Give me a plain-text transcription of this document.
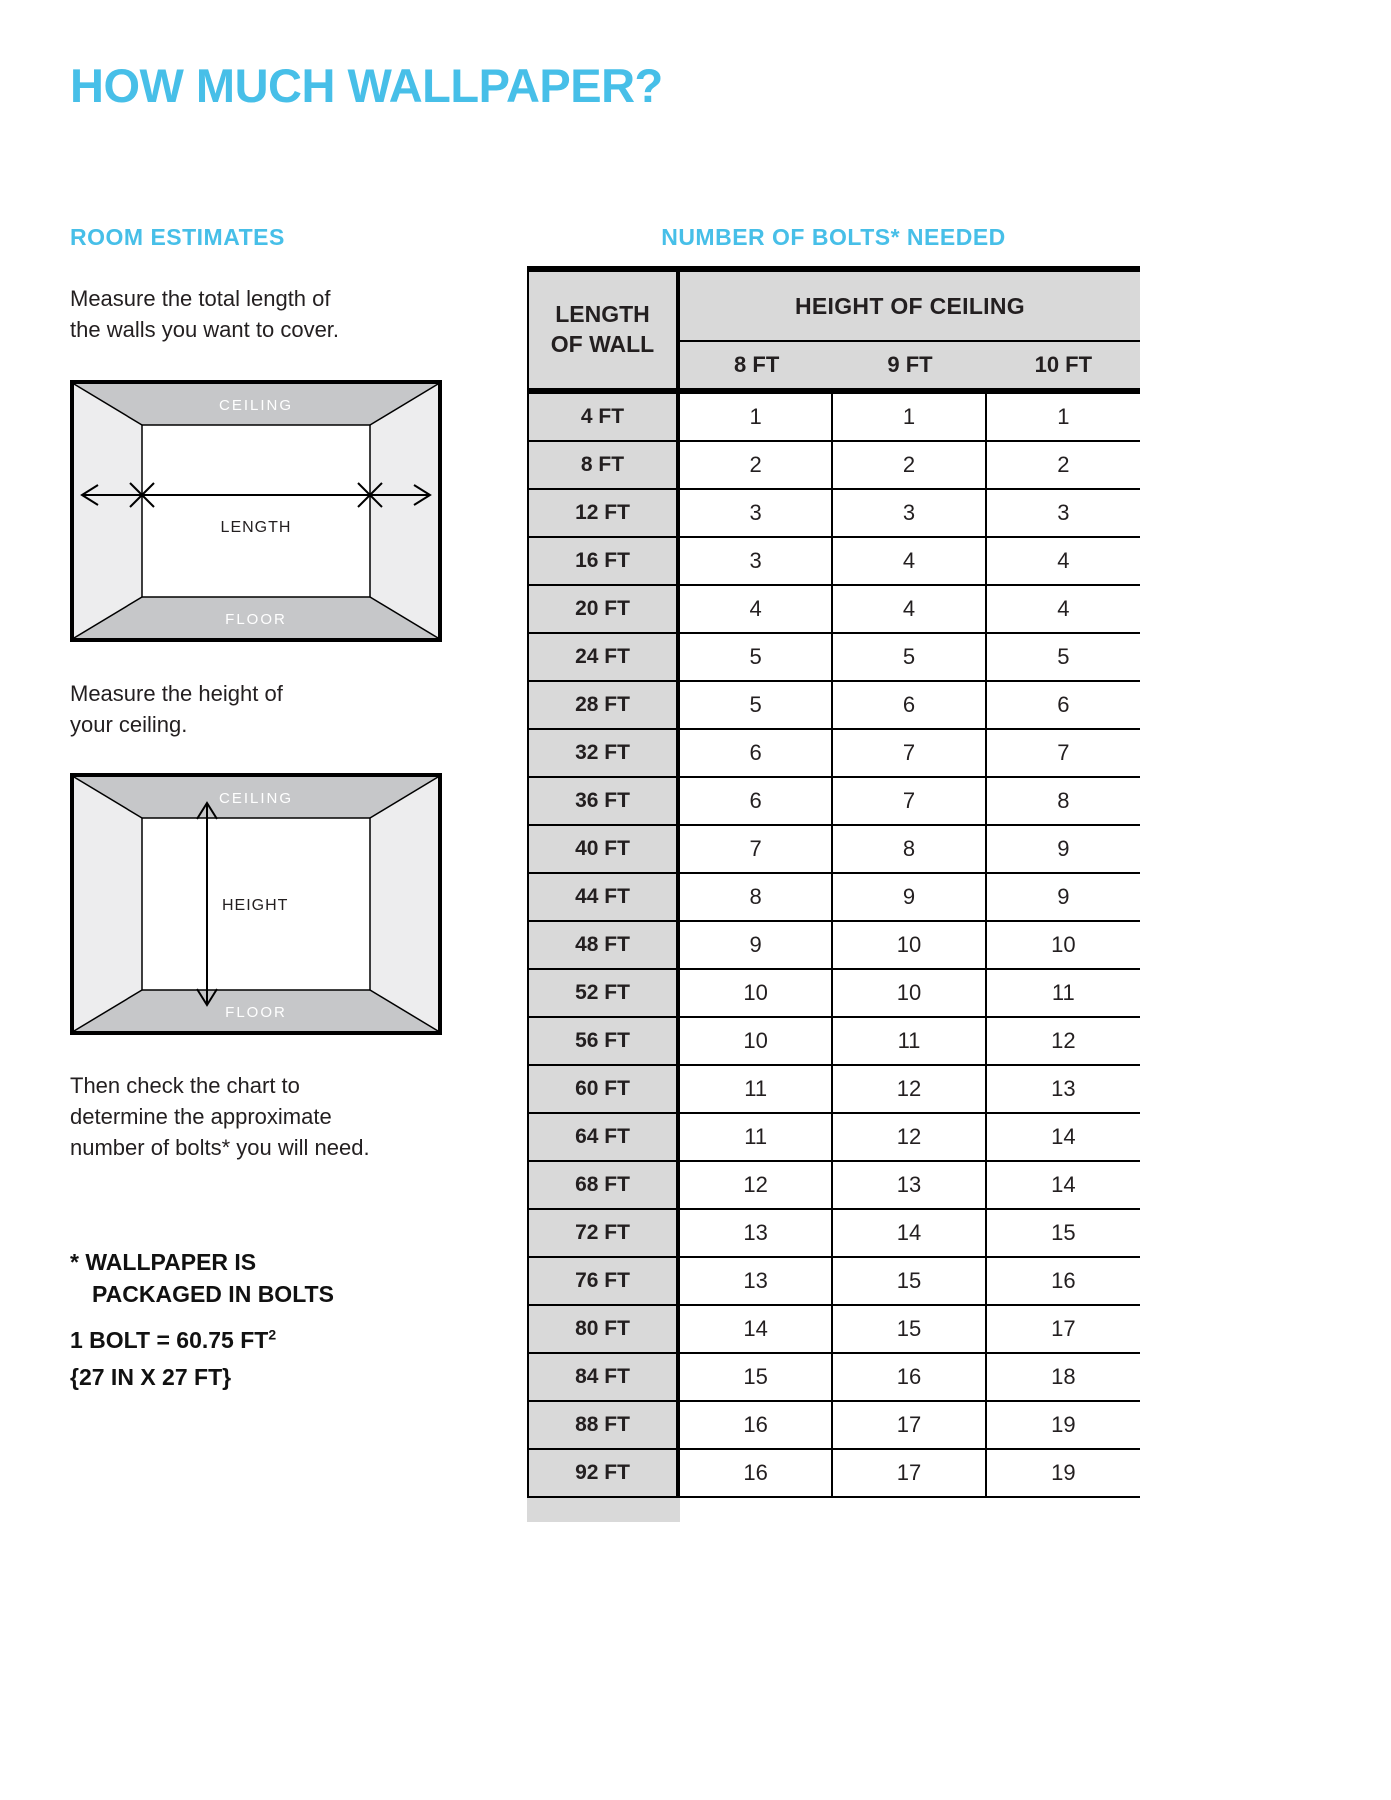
HOW MUCH WALLPAPER?
ROOM ESTIMATES	NUMBER OF BOLTS* NEEDED
Measure the total length of
the walls you want to cover.
CEILING
LENGTH
FLOOR
Measure the height of
your ceiling.
CEILING
HEIGHT
FLOOR
Then check the chart to
determine the approximate
number of bolts* you will need.
* WALLPAPER IS
PACKAGED IN BOLTS
1 BOLT = 60.75 $FT^2$
{27 IN X 27 FT}
LENGTH
OF WALL
HEIGHT OF CEILING
8 FT	9 FT	10 FT
4 FT	1	1	1
8 FT	2	2	2
12 FT	3	3	3
16 FT	3	4	4
20 FT	4	4	4
24 FT	5	5	5
28 FT	5	6	6
32 FT	6	7	7
36 FT	6	7	8
40 FT	7	8	9
44 FT	8	9	9
48 FT	9	10	10
52 FT	10	10	11
56 FT	10	11	12
60 FT	11	12	13
64 FT	11	12	14
68 FT	12	13	14
72 FT	13	14	15
76 FT	13	15	16
80 FT	14	15	17
84 FT	15	16	18
88 FT	16	17	19
92 FT	16	17	19
